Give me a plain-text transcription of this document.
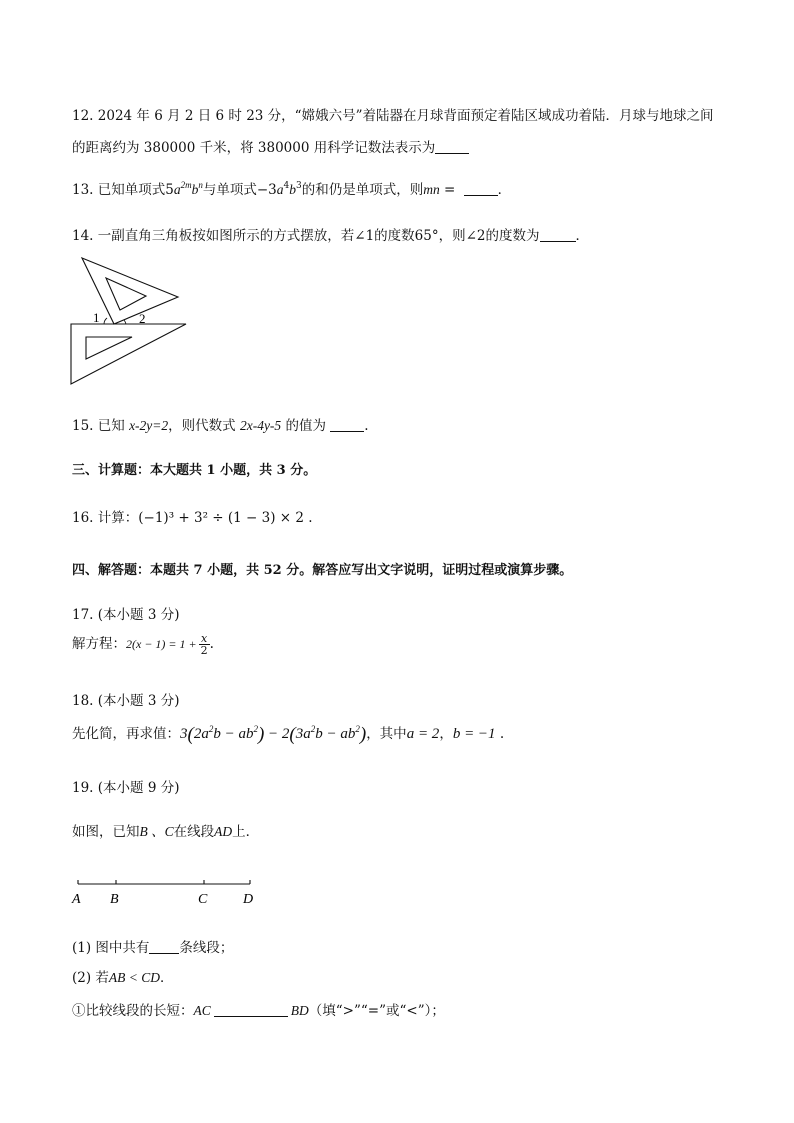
12. 2024 年 6 月 2 日 6 时 23 分，“嫦娥六号”着陆器在月球背面预定着陆区域成功着陆．月球与地球之间
的距离约为 380000 千米，将 380000 用科学记数法表示为
13. 已知单项式$5a^{2m}b^n$与单项式$-3a^4b^3$的和仍是单项式，则mn =	．
14. 一副直角三角板按如图所示的方式摆放，若∠1的度数65°，则∠2的度数为	．
1	2
15. 已知 x-2y=2，则代数式 2x-4y-5 的值为	.
三、计算题：本大题共 1 小题，共 3 分。
16. 计算：(−1)³ + 3² ÷ (1 − 3) × 2 .
四、解答题：本题共 7 小题，共 52 分。解答应写出文字说明，证明过程或演算步骤。
17. (本小题 3 分)
解方程：$2(x - 1) = 1 + \frac{x}{2}$ .
18. (本小题 3 分)
先化简，再求值：$3(2a^2b - ab^2) - 2(3a^2b - ab^2)$，其中a = 2，b = −1 .
19. (本小题 9 分)
如图，已知B 、C在线段AD上．
A B	C	D
(1) 图中共有 条线段；
(2) 若AB < CD．
①比较线段的长短：AC	BD（填“>”“=”或“<”）；
